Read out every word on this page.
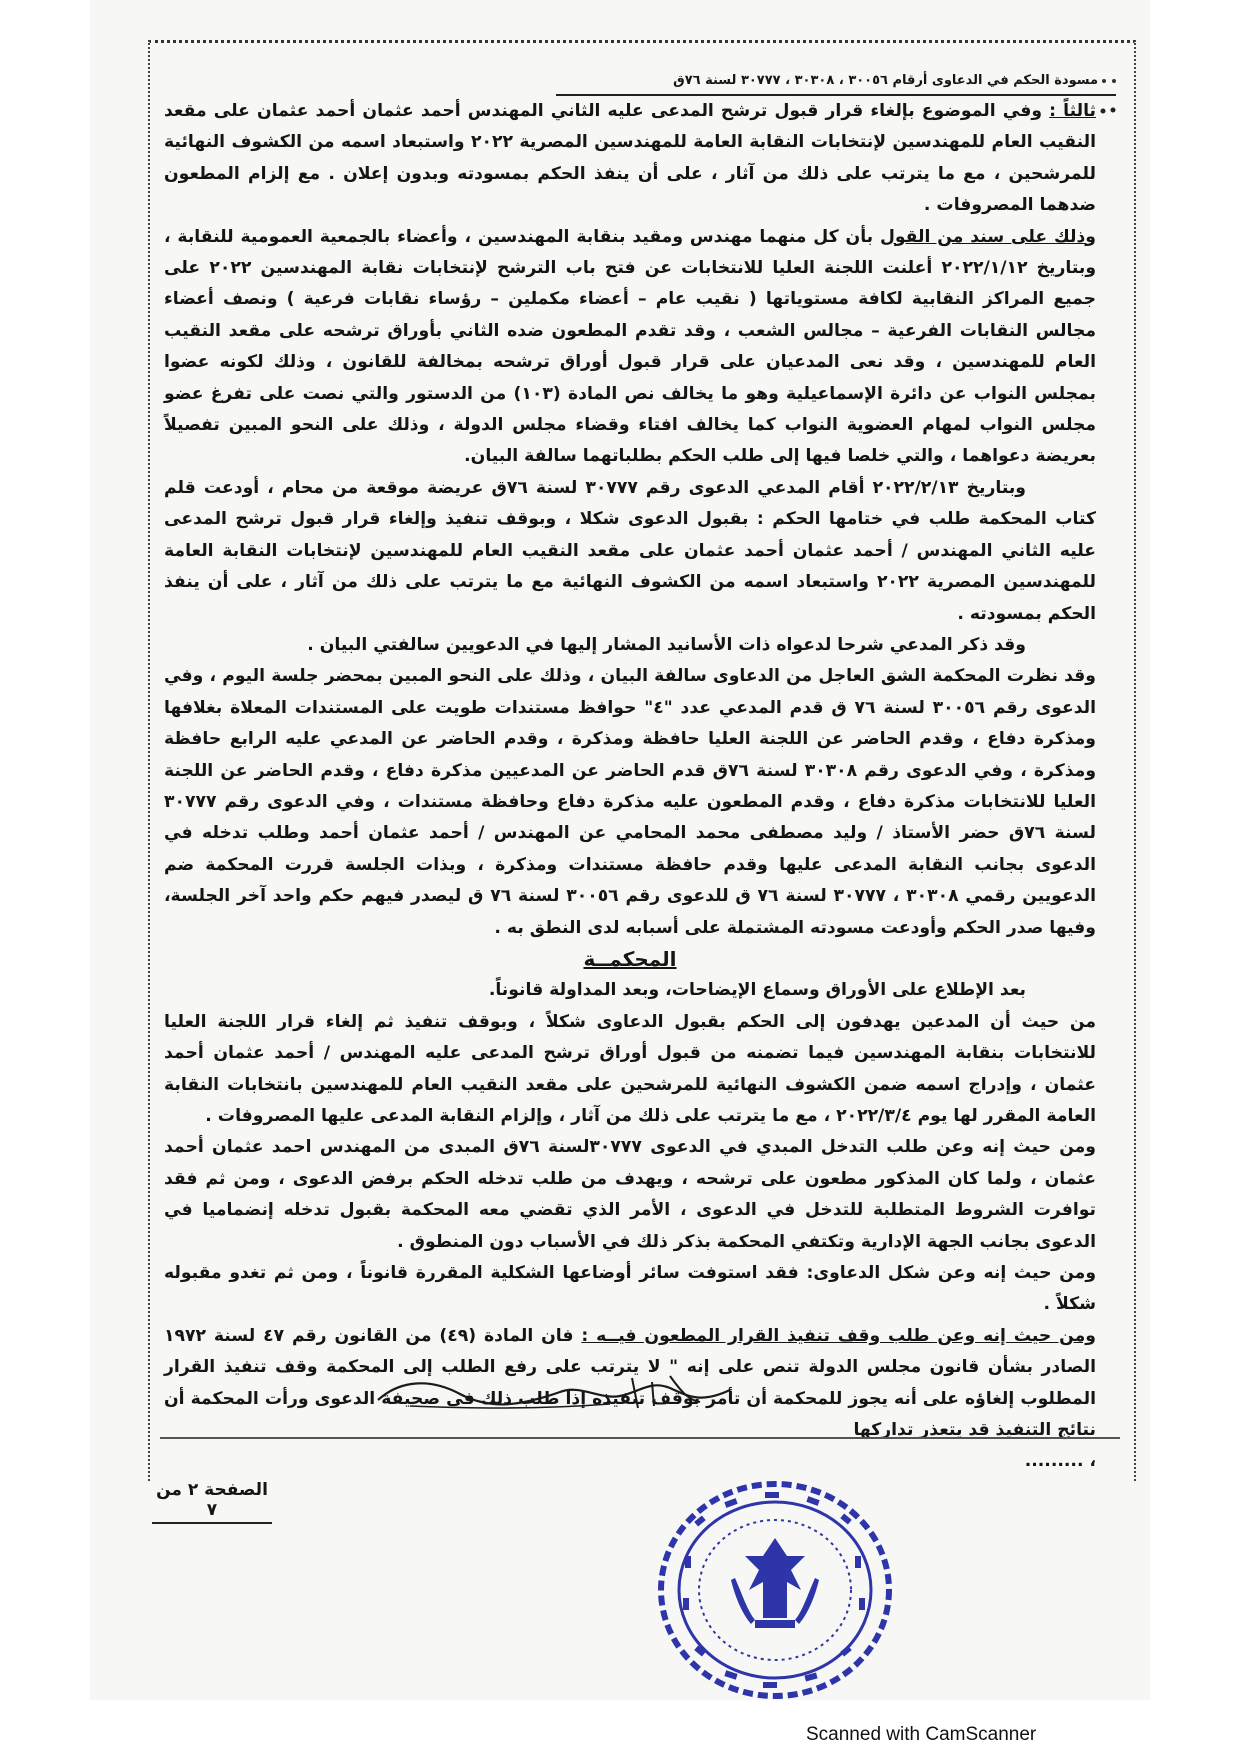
مسودة الحكم في الدعاوى أرقام ٣٠٠٥٦ ، ٣٠٣٠٨ ، ٣٠٧٧٧ لسنة ٧٦ق

ثالثاً : وفي الموضوع بإلغاء قرار قبول ترشح المدعى عليه الثاني المهندس أحمد عثمان أحمد عثمان على مقعد النقيب العام للمهندسين لإنتخابات النقابة العامة للمهندسين المصرية ٢٠٢٢ واستبعاد اسمه من الكشوف النهائية للمرشحين ، مع ما يترتب على ذلك من آثار ، على أن ينفذ الحكم بمسودته وبدون إعلان . مع إلزام المطعون ضدهما المصروفات .

وذلك على سند من القول بأن كل منهما مهندس ومقيد بنقابة المهندسين ، وأعضاء بالجمعية العمومية للنقابة ، وبتاريخ ٢٠٢٢/١/١٢ أعلنت اللجنة العليا للانتخابات عن فتح باب الترشح لإنتخابات نقابة المهندسين ٢٠٢٢ على جميع المراكز النقابية لكافة مستوياتها ( نقيب عام – أعضاء مكملين – رؤساء نقابات فرعية ) ونصف أعضاء مجالس النقابات الفرعية – مجالس الشعب ، وقد تقدم المطعون ضده الثاني بأوراق ترشحه على مقعد النقيب العام للمهندسين ، وقد نعى المدعيان على قرار قبول أوراق ترشحه بمخالفة للقانون ، وذلك لكونه عضوا بمجلس النواب عن دائرة الإسماعيلية وهو ما يخالف نص المادة (١٠٣) من الدستور والتي نصت على تفرغ عضو مجلس النواب لمهام العضوية النواب كما يخالف افتاء وقضاء مجلس الدولة ، وذلك على النحو المبين تفصيلاً بعريضة دعواهما ، والتي خلصا فيها إلى طلب الحكم بطلباتهما سالفة البيان.

وبتاريخ ٢٠٢٢/٢/١٣ أقام المدعي الدعوى رقم ٣٠٧٧٧ لسنة ٧٦ق عريضة موقعة من محام ، أودعت قلم كتاب المحكمة طلب في ختامها الحكم : بقبول الدعوى شكلا ، وبوقف تنفيذ وإلغاء قرار قبول ترشح المدعى عليه الثاني المهندس / أحمد عثمان أحمد عثمان على مقعد النقيب العام للمهندسين لإنتخابات النقابة العامة للمهندسين المصرية ٢٠٢٢ واستبعاد اسمه من الكشوف النهائية مع ما يترتب على ذلك من آثار ، على أن ينفذ الحكم بمسودته .

وقد ذكر المدعي شرحا لدعواه ذات الأسانيد المشار إليها في الدعويين سالفتي البيان .

وقد نظرت المحكمة الشق العاجل من الدعاوى سالفة البيان ، وذلك على النحو المبين بمحضر جلسة اليوم ، وفي الدعوى رقم ٣٠٠٥٦ لسنة ٧٦ ق قدم المدعي عدد "٤" حوافظ مستندات طويت على المستندات المعلاة بغلافها ومذكرة دفاع ، وقدم الحاضر عن اللجنة العليا حافظة ومذكرة ، وقدم الحاضر عن المدعي عليه الرابع حافظة ومذكرة ، وفي الدعوى رقم ٣٠٣٠٨ لسنة ٧٦ق قدم الحاضر عن المدعيين مذكرة دفاع ، وقدم الحاضر عن اللجنة العليا للانتخابات مذكرة دفاع ، وقدم المطعون عليه مذكرة دفاع وحافظة مستندات ، وفي الدعوى رقم ٣٠٧٧٧ لسنة ٧٦ق حضر الأستاذ / وليد مصطفى محمد المحامي عن المهندس / أحمد عثمان أحمد وطلب تدخله في الدعوى بجانب النقابة المدعى عليها وقدم حافظة مستندات ومذكرة ، وبذات الجلسة قررت المحكمة ضم الدعويين رقمي ٣٠٣٠٨ ، ٣٠٧٧٧ لسنة ٧٦ ق للدعوى رقم ٣٠٠٥٦ لسنة ٧٦ ق ليصدر فيهم حكم واحد آخر الجلسة، وفيها صدر الحكم وأودعت مسودته المشتملة على أسبابه لدى النطق به .

المحكمــة

بعد الإطلاع على الأوراق وسماع الإيضاحات، وبعد المداولة قانوناً.

من حيث أن المدعين يهدفون إلى الحكم بقبول الدعاوى شكلاً ، وبوقف تنفيذ ثم إلغاء قرار اللجنة العليا للانتخابات بنقابة المهندسين فيما تضمنه من قبول أوراق ترشح المدعى عليه المهندس / أحمد عثمان أحمد عثمان ، وإدراج اسمه ضمن الكشوف النهائية للمرشحين على مقعد النقيب العام للمهندسين بانتخابات النقابة العامة المقرر لها يوم ٢٠٢٢/٣/٤ ، مع ما يترتب على ذلك من آثار ، وإلزام النقابة المدعى عليها المصروفات .

ومن حيث إنه وعن طلب التدخل المبدي في الدعوى ٣٠٧٧٧لسنة ٧٦ق المبدى من المهندس احمد عثمان أحمد عثمان ، ولما كان المذكور مطعون على ترشحه ، ويهدف من طلب تدخله الحكم برفض الدعوى ، ومن ثم فقد توافرت الشروط المتطلبة للتدخل في الدعوى ، الأمر الذي تقضي معه المحكمة بقبول تدخله إنضماميا في الدعوى بجانب الجهة الإدارية وتكتفي المحكمة بذكر ذلك في الأسباب دون المنطوق .

ومن حيث إنه وعن شكل الدعاوى: فقد استوفت سائر أوضاعها الشكلية المقررة قانوناً ، ومن ثم تغدو مقبوله شكلاً .

ومن حيث إنه وعن طلب وقف تنفيذ القرار المطعون فيــه : فان المادة (٤٩) من القانون رقم ٤٧ لسنة ١٩٧٢ الصادر بشأن قانون مجلس الدولة تنص على إنه " لا يترتب على رفع الطلب إلى المحكمة وقف تنفيذ القرار المطلوب إلغاؤه على أنه يجوز للمحكمة أن تأمر بوقف تنفيذه إذا طلب ذلك فى صحيفة الدعوى ورأت المحكمة أن نتائج التنفيذ قد يتعذر تداركها

، .........

الصفحة ٢ من ٧
Scanned with CamScanner
